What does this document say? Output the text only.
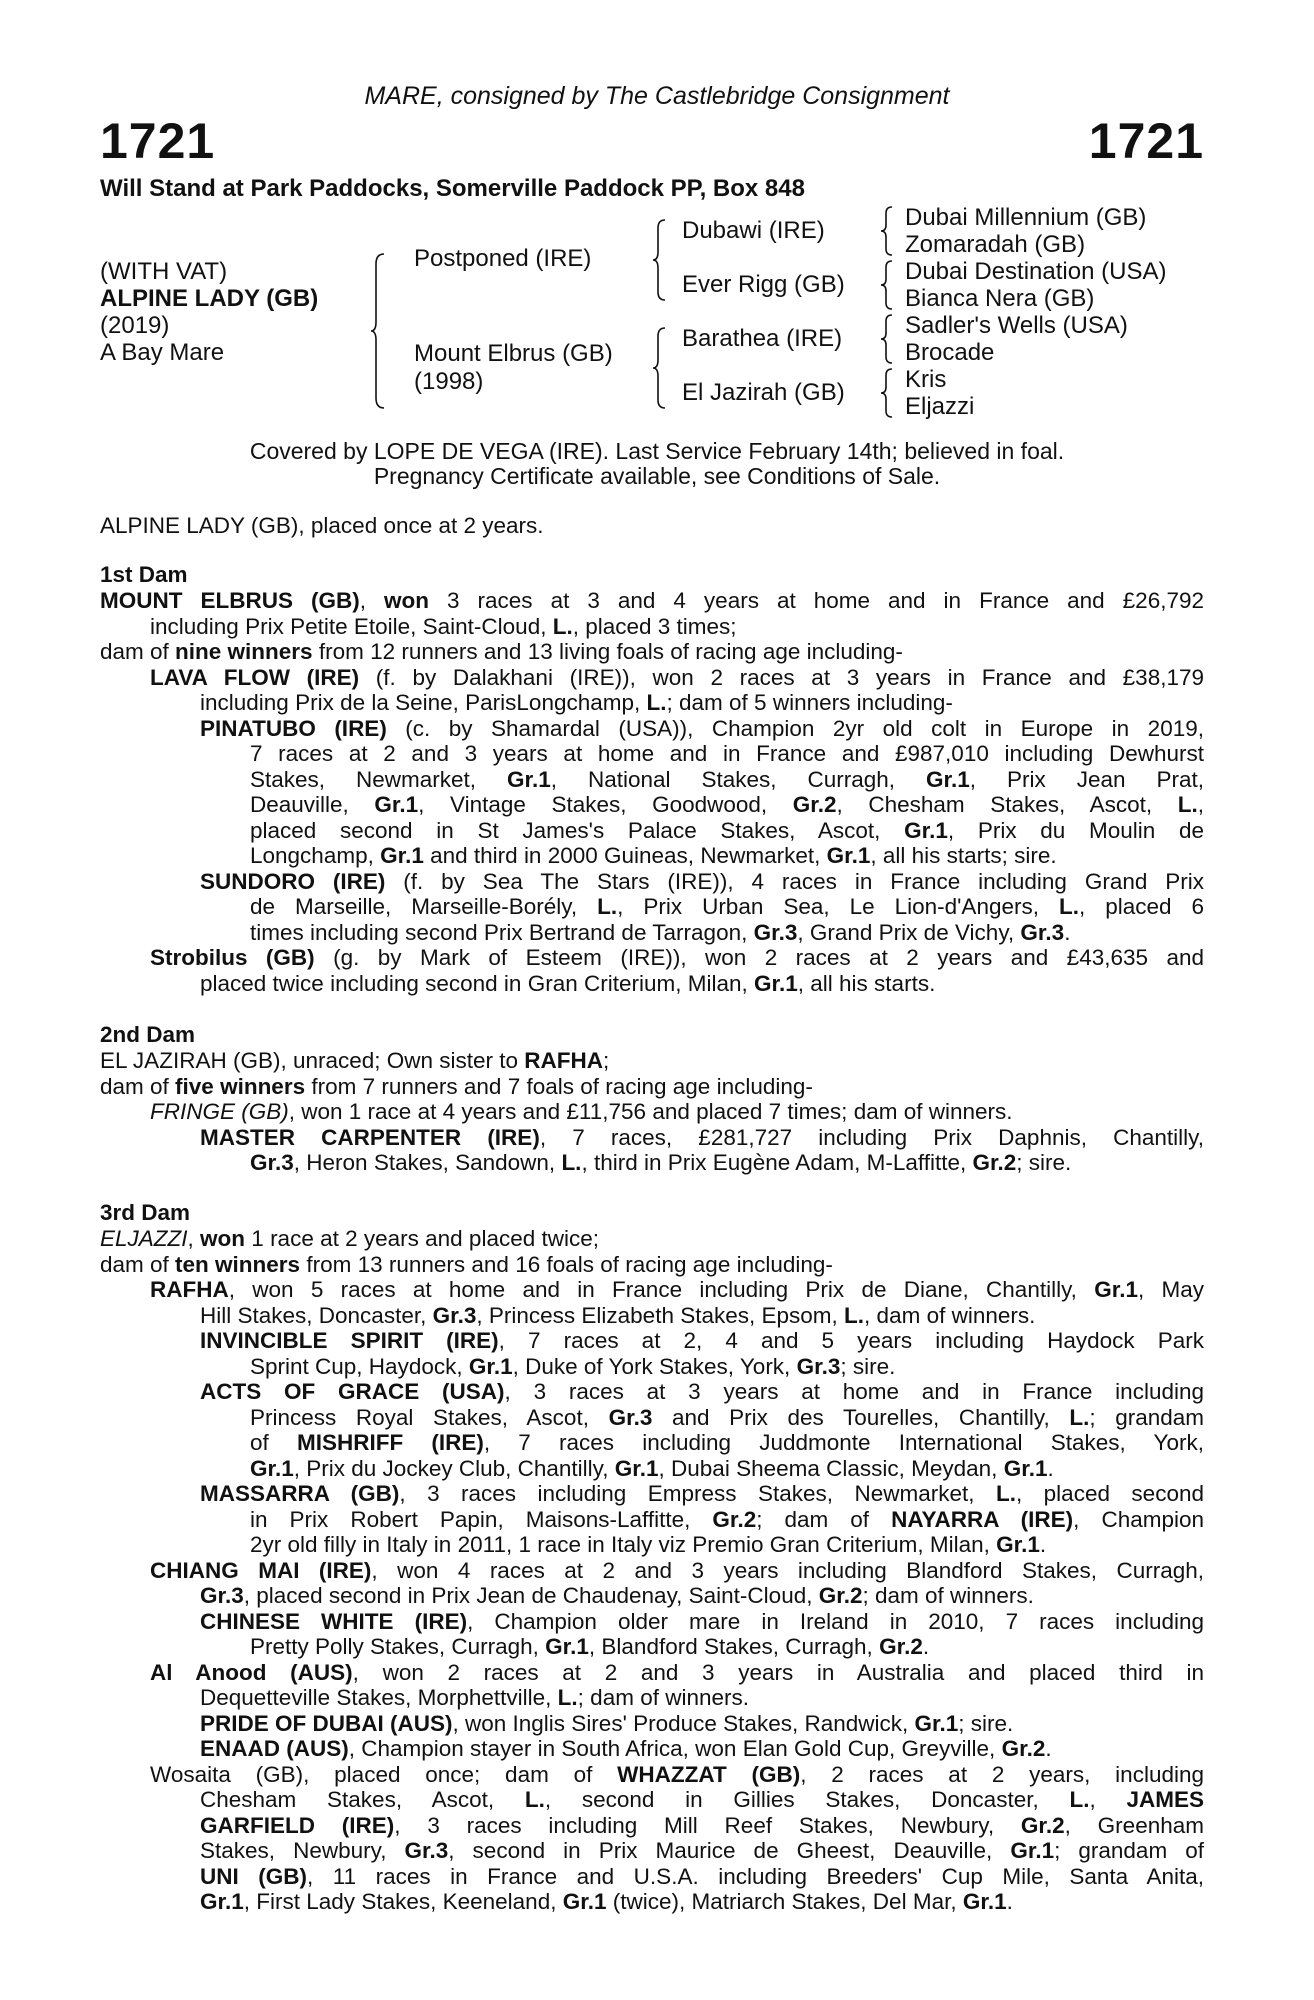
MARE, consigned by The Castlebridge Consignment
1721	1721
Will Stand at Park Paddocks, Somerville Paddock PP, Box 848
(WITH VAT)
ALPINE LADY (GB)
(2019)
A Bay Mare
Postponed (IRE)
Mount Elbrus (GB)
(1998)
Dubawi (IRE)
Ever Rigg (GB)
Barathea (IRE)
El Jazirah (GB)
Dubai Millennium (GB)
Zomaradah (GB)
Dubai Destination (USA)
Bianca Nera (GB)
Sadler's Wells (USA)
Brocade
Kris
Eljazzi
Covered by LOPE DE VEGA (IRE). Last Service February 14th; believed in foal.
Pregnancy Certificate available, see Conditions of Sale.
ALPINE LADY (GB), placed once at 2 years.
1st Dam
MOUNT ELBRUS (GB), won 3 races at 3 and 4 years at home and in France and £26,792
including Prix Petite Etoile, Saint-Cloud, L., placed 3 times;
dam of nine winners from 12 runners and 13 living foals of racing age including-
LAVA FLOW (IRE) (f. by Dalakhani (IRE)), won 2 races at 3 years in France and £38,179
including Prix de la Seine, ParisLongchamp, L.; dam of 5 winners including-
PINATUBO (IRE) (c. by Shamardal (USA)), Champion 2yr old colt in Europe in 2019,
7 races at 2 and 3 years at home and in France and £987,010 including Dewhurst
Stakes, Newmarket, Gr.1, National Stakes, Curragh, Gr.1, Prix Jean Prat,
Deauville, Gr.1, Vintage Stakes, Goodwood, Gr.2, Chesham Stakes, Ascot, L.,
placed second in St James's Palace Stakes, Ascot, Gr.1, Prix du Moulin de
Longchamp, Gr.1 and third in 2000 Guineas, Newmarket, Gr.1, all his starts; sire.
SUNDORO (IRE) (f. by Sea The Stars (IRE)), 4 races in France including Grand Prix
de Marseille, Marseille-Borély, L., Prix Urban Sea, Le Lion-d'Angers, L., placed 6
times including second Prix Bertrand de Tarragon, Gr.3, Grand Prix de Vichy, Gr.3.
Strobilus (GB) (g. by Mark of Esteem (IRE)), won 2 races at 2 years and £43,635 and
placed twice including second in Gran Criterium, Milan, Gr.1, all his starts.
2nd Dam
EL JAZIRAH (GB), unraced; Own sister to RAFHA;
dam of five winners from 7 runners and 7 foals of racing age including-
FRINGE (GB), won 1 race at 4 years and £11,756 and placed 7 times; dam of winners.
MASTER CARPENTER (IRE), 7 races, £281,727 including Prix Daphnis, Chantilly,
Gr.3, Heron Stakes, Sandown, L., third in Prix Eugène Adam, M-Laffitte, Gr.2; sire.
3rd Dam
ELJAZZI, won 1 race at 2 years and placed twice;
dam of ten winners from 13 runners and 16 foals of racing age including-
RAFHA, won 5 races at home and in France including Prix de Diane, Chantilly, Gr.1, May
Hill Stakes, Doncaster, Gr.3, Princess Elizabeth Stakes, Epsom, L., dam of winners.
INVINCIBLE SPIRIT (IRE), 7 races at 2, 4 and 5 years including Haydock Park
Sprint Cup, Haydock, Gr.1, Duke of York Stakes, York, Gr.3; sire.
ACTS OF GRACE (USA), 3 races at 3 years at home and in France including
Princess Royal Stakes, Ascot, Gr.3 and Prix des Tourelles, Chantilly, L.; grandam
of MISHRIFF (IRE), 7 races including Juddmonte International Stakes, York,
Gr.1, Prix du Jockey Club, Chantilly, Gr.1, Dubai Sheema Classic, Meydan, Gr.1.
MASSARRA (GB), 3 races including Empress Stakes, Newmarket, L., placed second
in Prix Robert Papin, Maisons-Laffitte, Gr.2; dam of NAYARRA (IRE), Champion
2yr old filly in Italy in 2011, 1 race in Italy viz Premio Gran Criterium, Milan, Gr.1.
CHIANG MAI (IRE), won 4 races at 2 and 3 years including Blandford Stakes, Curragh,
Gr.3, placed second in Prix Jean de Chaudenay, Saint-Cloud, Gr.2; dam of winners.
CHINESE WHITE (IRE), Champion older mare in Ireland in 2010, 7 races including
Pretty Polly Stakes, Curragh, Gr.1, Blandford Stakes, Curragh, Gr.2.
Al Anood (AUS), won 2 races at 2 and 3 years in Australia and placed third in
Dequetteville Stakes, Morphettville, L.; dam of winners.
PRIDE OF DUBAI (AUS), won Inglis Sires' Produce Stakes, Randwick, Gr.1; sire.
ENAAD (AUS), Champion stayer in South Africa, won Elan Gold Cup, Greyville, Gr.2.
Wosaita (GB), placed once; dam of WHAZZAT (GB), 2 races at 2 years, including
Chesham Stakes, Ascot, L., second in Gillies Stakes, Doncaster, L., JAMES
GARFIELD (IRE), 3 races including Mill Reef Stakes, Newbury, Gr.2, Greenham
Stakes, Newbury, Gr.3, second in Prix Maurice de Gheest, Deauville, Gr.1; grandam of
UNI (GB), 11 races in France and U.S.A. including Breeders' Cup Mile, Santa Anita,
Gr.1, First Lady Stakes, Keeneland, Gr.1 (twice), Matriarch Stakes, Del Mar, Gr.1.
